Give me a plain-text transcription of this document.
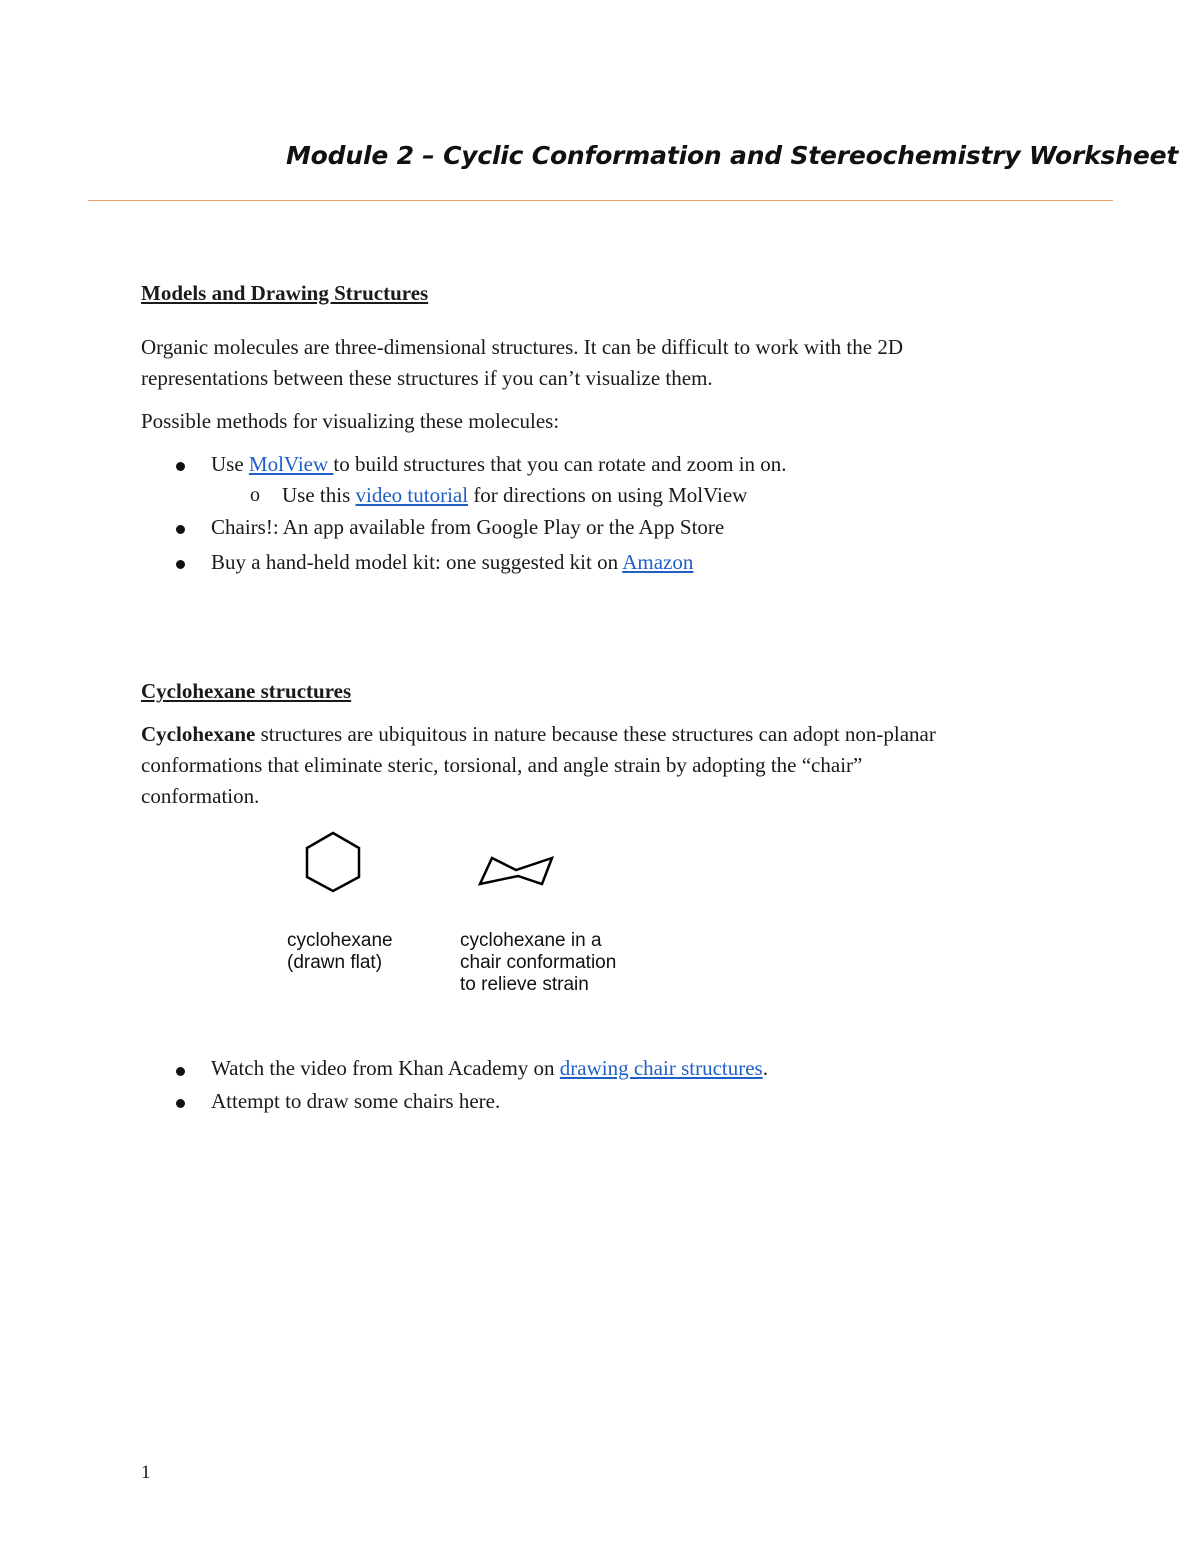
Module 2 – Cyclic Conformation and Stereochemistry Worksheet
Models and Drawing Structures
Organic molecules are three-dimensional structures. It can be difficult to work with the 2D
representations between these structures if you can’t visualize them.
Possible methods for visualizing these molecules:
Use MolView to build structures that you can rotate and zoom in on.
o Use this video tutorial for directions on using MolView
Chairs!: An app available from Google Play or the App Store
Buy a hand-held model kit: one suggested kit on Amazon
Cyclohexane structures
Cyclohexane structures are ubiquitous in nature because these structures can adopt non-planar
conformations that eliminate steric, torsional, and angle strain by adopting the “chair”
conformation.
cyclohexane
(drawn flat)
cyclohexane in a
chair conformation
to relieve strain
Watch the video from Khan Academy on drawing chair structures.
Attempt to draw some chairs here.
1
